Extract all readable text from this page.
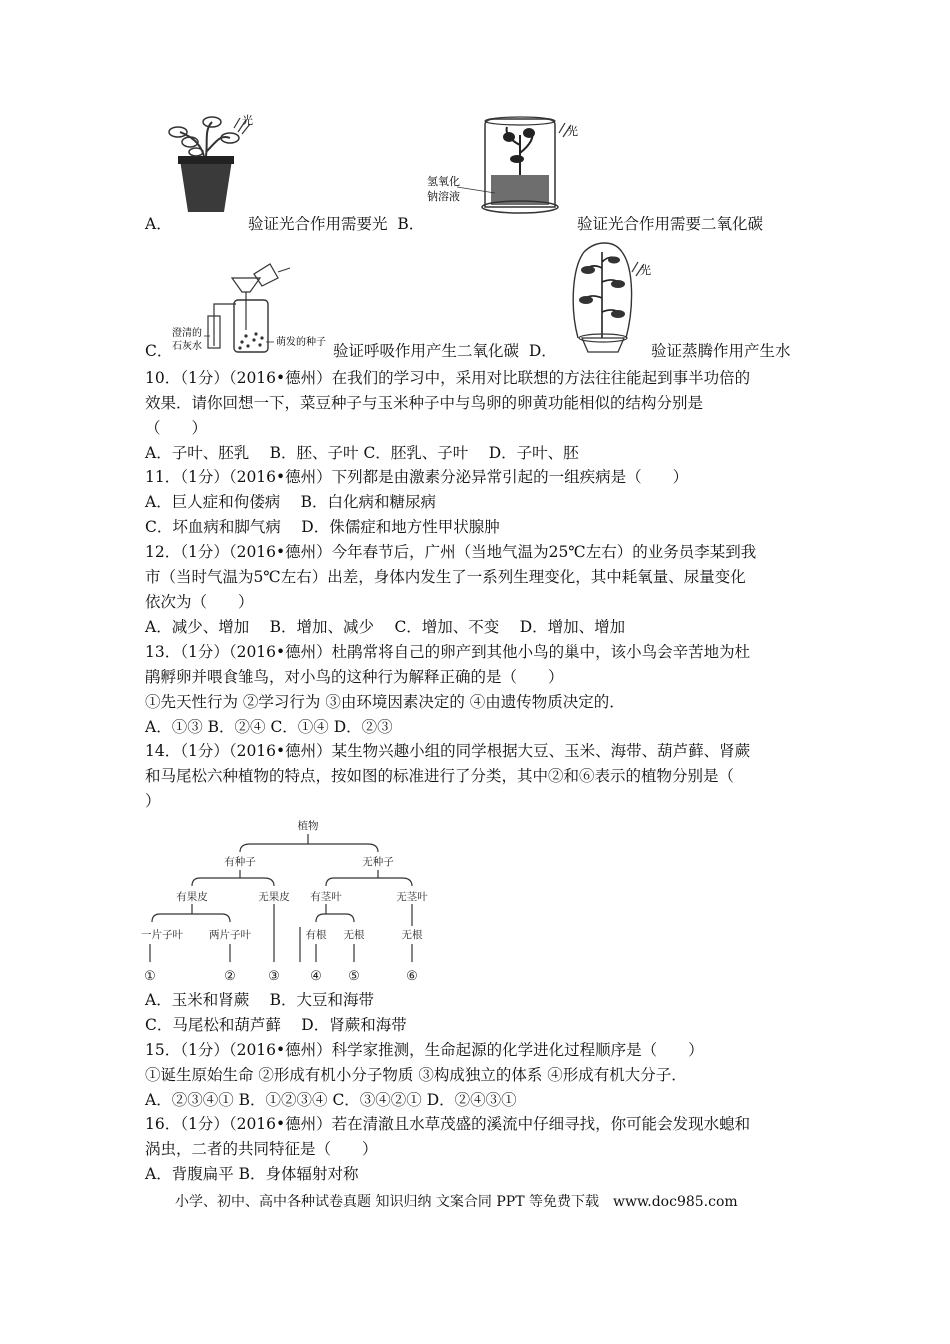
光
光
氢氧化
钠溶液
A．	验证光合作用需要光 B．	验证光合作用需要二氧化碳
澄清的
石灰水	萌发的种子
光
C．	验证呼吸作用产生二氧化碳 D．	验证蒸腾作用产生水
10．（1分）（2016•德州）在我们的学习中，采用对比联想的方法往往能起到事半功倍的
效果．请你回想一下，菜豆种子与玉米种子中与鸟卵的卵黄功能相似的结构分别是
（　　）
A．子叶、胚乳　 B．胚、子叶 C．胚乳、子叶　 D．子叶、胚
11．（1分）（2016•德州）下列都是由激素分泌异常引起的一组疾病是（　　）
A．巨人症和佝偻病　 B．白化病和糖尿病
C．坏血病和脚气病　 D．侏儒症和地方性甲状腺肿
12．（1分）（2016•德州）今年春节后，广州（当地气温为25℃左右）的业务员李某到我
市（当时气温为5℃左右）出差，身体内发生了一系列生理变化，其中耗氧量、尿量变化
依次为（　　）
A．减少、增加　 B．增加、减少　 C．增加、不变　 D．增加、增加
13．（1分）（2016•德州）杜鹃常将自己的卵产到其他小鸟的巢中，该小鸟会辛苦地为杜
鹃孵卵并喂食雏鸟，对小鸟的这种行为解释正确的是（　　）
①先天性行为 ②学习行为 ③由环境因素决定的 ④由遗传物质决定的．
A．①③ B．②④ C．①④ D．②③
14．（1分）（2016•德州）某生物兴趣小组的同学根据大豆、玉米、海带、葫芦藓、肾蕨
和马尾松六种植物的特点，按如图的标准进行了分类，其中②和⑥表示的植物分别是（
）
植物
有种子	无种子
有果皮	无果皮 有茎叶	无茎叶
一片子叶 两片子叶	有根 无根	无根
①	② ③ ④ ⑤	⑥
A．玉米和肾蕨　 B．大豆和海带
C．马尾松和葫芦藓　 D．肾蕨和海带
15．（1分）（2016•德州）科学家推测，生命起源的化学进化过程顺序是（　　）
①诞生原始生命 ②形成有机小分子物质 ③构成独立的体系 ④形成有机大分子．
A．②③④① B．①②③④ C．③④②① D．②④③①
16．（1分）（2016•德州）若在清澈且水草茂盛的溪流中仔细寻找，你可能会发现水螅和
涡虫，二者的共同特征是（　　）
A．背腹扁平 B．身体辐射对称
小学、初中、高中各种试卷真题 知识归纳 文案合同 PPT 等免费下载　www.doc985.com
